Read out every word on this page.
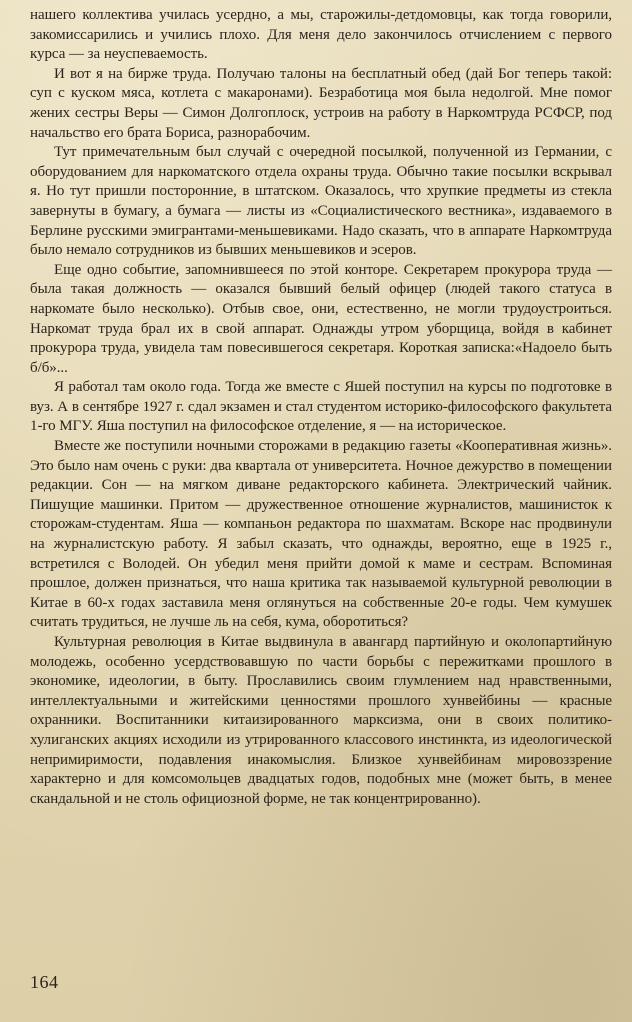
нашего коллектива училась усердно, а мы, старожилы-детдомовцы, как тогда говорили, закомиссарились и учились плохо. Для меня дело закончилось отчислением с первого курса — за неуспеваемость.

И вот я на бирже труда. Получаю талоны на бесплатный обед (дай Бог теперь такой: суп с куском мяса, котлета с макаронами). Безработица моя была недолгой. Мне помог жених сестры Веры — Симон Долгоплоск, устроив на работу в Наркомтруда РСФСР, под начальство его брата Бориса, разнорабочим.

Тут примечательным был случай с очередной посылкой, полученной из Германии, с оборудованием для наркоматского отдела охраны труда. Обычно такие посылки вскрывал я. Но тут пришли посторонние, в штатском. Оказалось, что хрупкие предметы из стекла завернуты в бумагу, а бумага — листы из «Социалистического вестника», издаваемого в Берлине русскими эмигрантами-меньшевиками. Надо сказать, что в аппарате Наркомтруда было немало сотрудников из бывших меньшевиков и эсеров.

Еще одно событие, запомнившееся по этой конторе. Секретарем прокурора труда — была такая должность — оказался бывший белый офицер (людей такого статуса в наркомате было несколько). Отбыв свое, они, естественно, не могли трудоустроиться. Наркомат труда брал их в свой аппарат. Однажды утром уборщица, войдя в кабинет прокурора труда, увидела там повесившегося секретаря. Короткая записка:«Надоело быть б/б»...

Я работал там около года. Тогда же вместе с Яшей поступил на курсы по подготовке в вуз. А в сентябре 1927 г. сдал экзамен и стал студентом историко-философского факультета 1-го МГУ. Яша поступил на философское отделение, я — на историческое.

Вместе же поступили ночными сторожами в редакцию газеты «Кооперативная жизнь». Это было нам очень с руки: два квартала от университета. Ночное дежурство в помещении редакции. Сон — на мягком диване редакторского кабинета. Электрический чайник. Пишущие машинки. Притом — дружественное отношение журналистов, машинисток к сторожам-студентам. Яша — компаньон редактора по шахматам. Вскоре нас продвинули на журналистскую работу. Я забыл сказать, что однажды, вероятно, еще в 1925 г., встретился с Володей. Он убедил меня прийти домой к маме и сестрам. Вспоминая прошлое, должен признаться, что наша критика так называемой культурной революции в Китае в 60-х годах заставила меня оглянуться на собственные 20-е годы. Чем кумушек считать трудиться, не лучше ль на себя, кума, оборотиться?

Культурная революция в Китае выдвинула в авангард партийную и околопартийную молодежь, особенно усердствовавшую по части борьбы с пережитками прошлого в экономике, идеологии, в быту. Прославились своим глумлением над нравственными, интеллектуальными и житейскими ценностями прошлого хунвейбины — красные охранники. Воспитанники китаизированного марксизма, они в своих политико-хулиганских акциях исходили из утрированного классового инстинкта, из идеологической непримиримости, подавления инакомыслия. Близкое хунвейбинам мировоззрение характерно и для комсомольцев двадцатых годов, подобных мне (может быть, в менее скандальной и не столь официозной форме, не так концентрированно).

164
